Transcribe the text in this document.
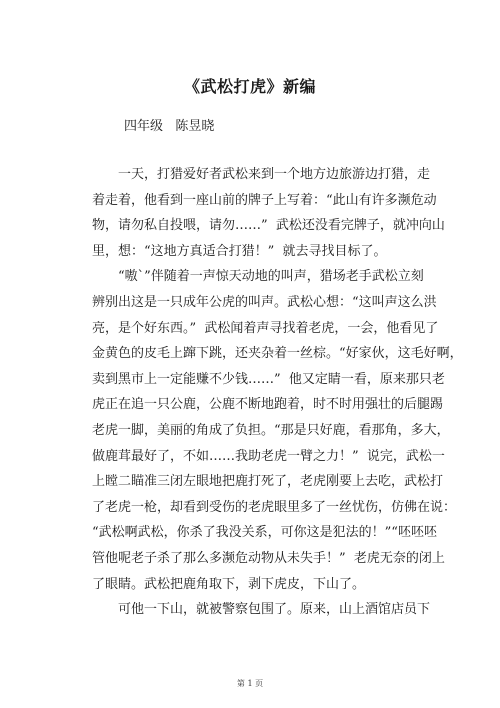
《武松打虎》新编
四年级   陈昱晓
一天，打猎爱好者武松来到一个地方边旅游边打猎，走
着走着，他看到一座山前的牌子上写着：“此山有许多濒危动
物，请勿私自投喂，请勿……”  武松还没看完牌子，就冲向山
里，想：“这地方真适合打猎！”  就去寻找目标了。
“嗷`”伴随着一声惊天动地的叫声，猎场老手武松立刻
辨别出这是一只成年公虎的叫声。武松心想：“这叫声这么洪
亮，是个好东西。”  武松闻着声寻找着老虎，一会，他看见了
金黄色的皮毛上蹿下跳，还夹杂着一丝棕。“好家伙，这毛好啊，
卖到黑市上一定能赚不少钱……”  他又定睛一看，原来那只老
虎正在追一只公鹿，公鹿不断地跑着，时不时用强壮的后腿踢
老虎一脚，美丽的角成了负担。“那是只好鹿，看那角，多大，
做鹿茸最好了，不如……我助老虎一臂之力！”  说完，武松一
上瞠二瞄准三闭左眼地把鹿打死了，老虎刚要上去吃，武松打
了老虎一枪，却看到受伤的老虎眼里多了一丝忧伤，仿佛在说：
“武松啊武松，你杀了我没关系，可你这是犯法的！”“呸呸呸
管他呢老子杀了那么多濒危动物从未失手！”  老虎无奈的闭上
了眼睛。武松把鹿角取下，剥下虎皮，下山了。
可他一下山，就被警察包围了。原来，山上酒馆店员下
第 1 页
